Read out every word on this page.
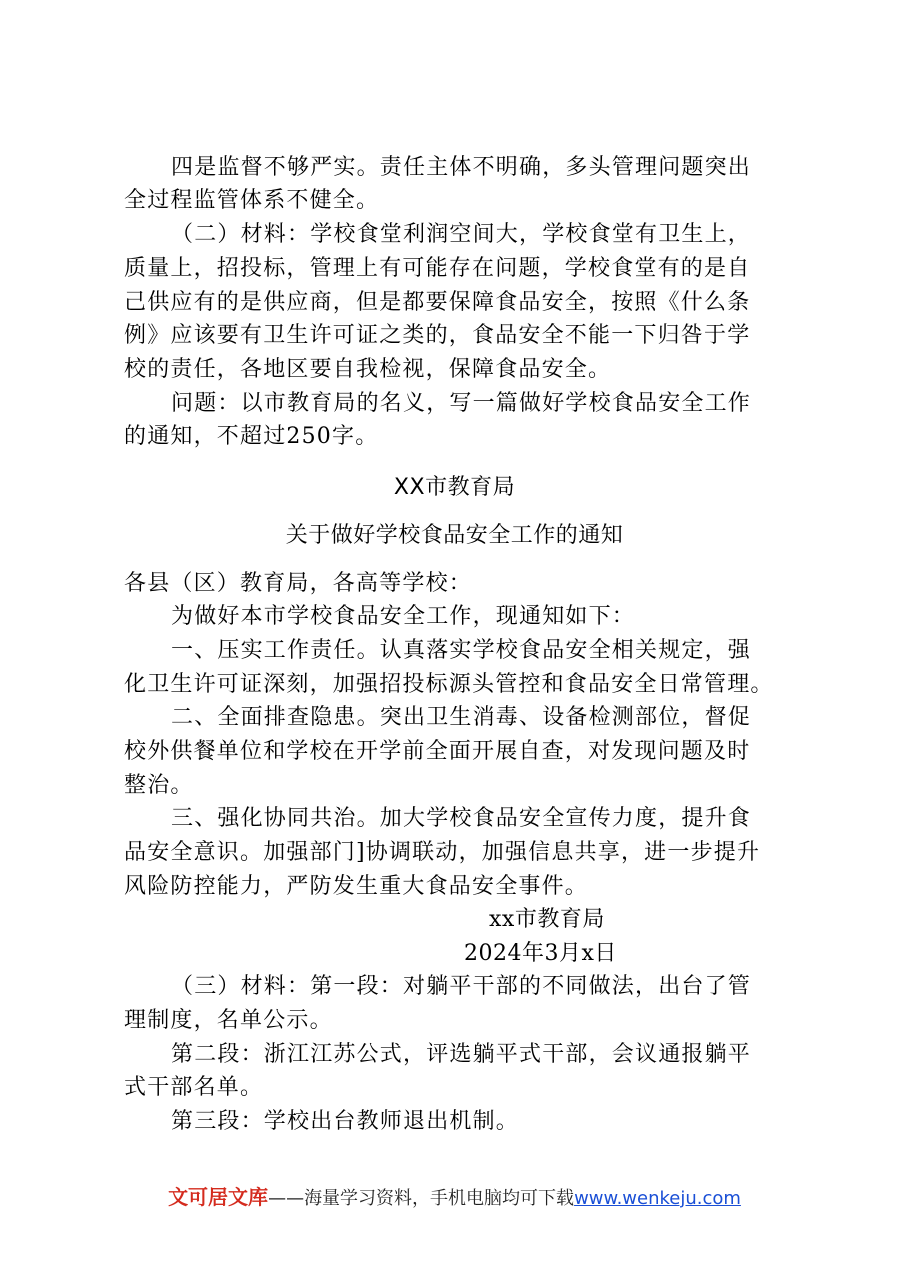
四是监督不够严实。责任主体不明确，多头管理问题突出
全过程监管体系不健全。
（二）材料：学校食堂利润空间大，学校食堂有卫生上，
质量上，招投标，管理上有可能存在问题，学校食堂有的是自
己供应有的是供应商，但是都要保障食品安全，按照《什么条
例》应该要有卫生许可证之类的，食品安全不能一下归咎于学
校的责任，各地区要自我检视，保障食品安全。
问题：以市教育局的名义，写一篇做好学校食品安全工作
的通知，不超过250字。
XX市教育局
关于做好学校食品安全工作的通知
各县（区）教育局，各高等学校：
为做好本市学校食品安全工作，现通知如下：
一、压实工作责任。认真落实学校食品安全相关规定，强
化卫生许可证深刻，加强招投标源头管控和食品安全日常管理。
二、全面排查隐患。突出卫生消毒、设备检测部位，督促
校外供餐单位和学校在开学前全面开展自查，对发现问题及时
整治。
三、强化协同共治。加大学校食品安全宣传力度，提升食
品安全意识。加强部门]协调联动，加强信息共享，进一步提升
风险防控能力，严防发生重大食品安全事件。
xx市教育局
2024年3月x日
（三）材料：第一段：对躺平干部的不同做法，出台了管
理制度，名单公示。
第二段：浙江江苏公式，评选躺平式干部，会议通报躺平
式干部名单。
第三段：学校出台教师退出机制。
文可居文库——海量学习资料，手机电脑均可下载www.wenkeju.com
